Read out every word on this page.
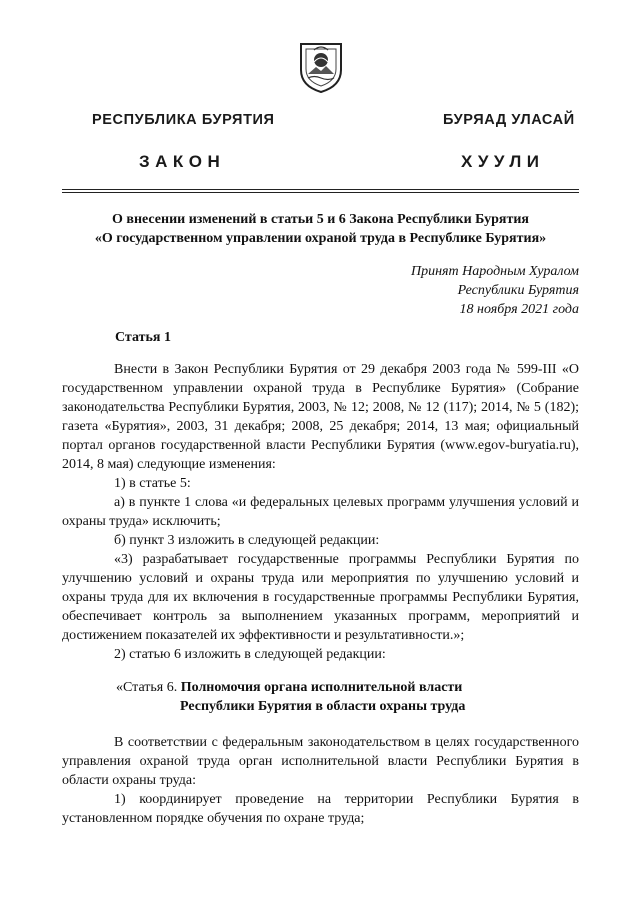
РЕСПУБЛИКА БУРЯТИЯ	БУРЯАД УЛАСАЙ
ЗАКОН	ХУУЛИ
О внесении изменений в статьи 5 и 6 Закона Республики Бурятия
«О государственном управлении охраной труда в Республике Бурятия»
Принят Народным Хуралом
Республики Бурятия
18 ноября 2021 года
Статья 1

Внести в Закон Республики Бурятия от 29 декабря 2003 года № 599-III «О государственном управлении охраной труда в Республике Бурятия» (Собрание законодательства Республики Бурятия, 2003, № 12; 2008, № 12 (117); 2014, № 5 (182); газета «Бурятия», 2003, 31 декабря; 2008, 25 декабря; 2014, 13 мая; официальный портал органов государственной власти Республики Бурятия (www.egov-buryatia.ru), 2014, 8 мая) следующие изменения:

1) в статье 5:

а) в пункте 1 слова «и федеральных целевых программ улучшения условий и охраны труда» исключить;

б) пункт 3 изложить в следующей редакции:

«3) разрабатывает государственные программы Республики Бурятия по улучшению условий и охраны труда или мероприятия по улучшению условий и охраны труда для их включения в государственные программы Республики Бурятия, обеспечивает контроль за выполнением указанных программ, мероприятий и достижением показателей их эффективности и результативности.»;

2) статью 6 изложить в следующей редакции:

«Статья 6. Полномочия органа исполнительной власти
Республики Бурятия в области охраны труда

В соответствии с федеральным законодательством в целях государственного управления охраной труда орган исполнительной власти Республики Бурятия в области охраны труда:

1) координирует проведение на территории Республики Бурятия в установленном порядке обучения по охране труда;
